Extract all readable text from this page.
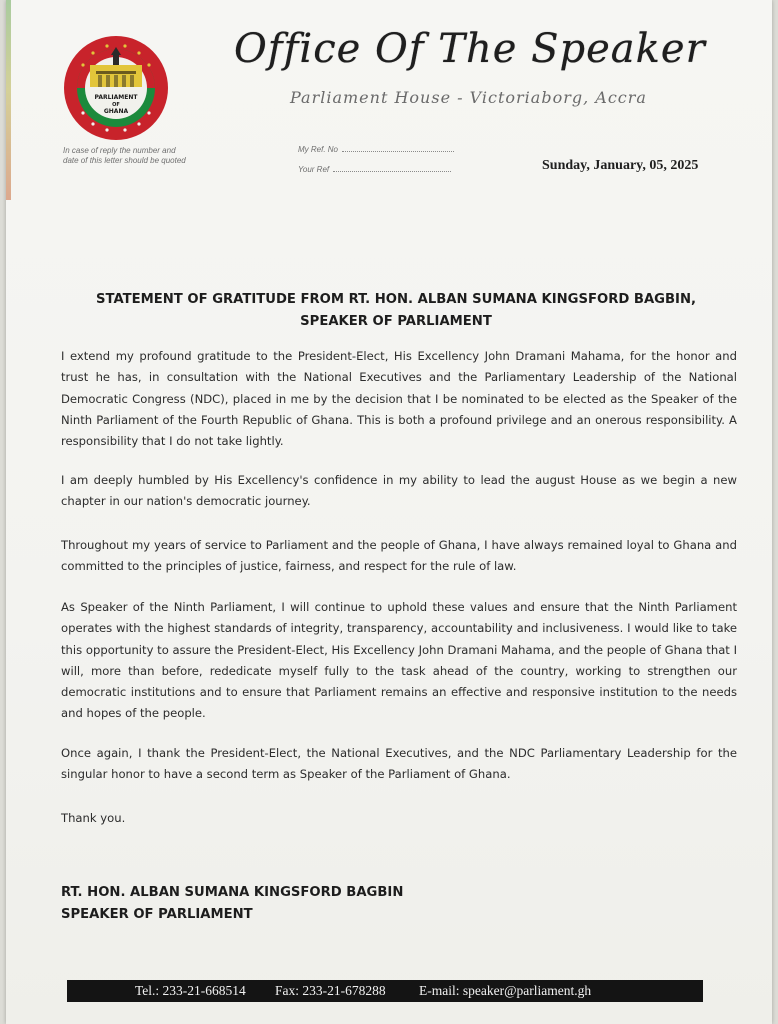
PARLIAMENT
OF
GHANA
Office Of The Speaker
Parliament House - Victoriaborg, Accra
In case of reply the number and date of this letter should be quoted
My Ref. No
Your Ref	Sunday, January, 05, 2025
STATEMENT OF GRATITUDE FROM RT. HON. ALBAN SUMANA KINGSFORD BAGBIN,
SPEAKER OF PARLIAMENT

I extend my profound gratitude to the President-Elect, His Excellency John Dramani Mahama, for the honor and trust he has, in consultation with the National Executives and the Parliamentary Leadership of the National Democratic Congress (NDC), placed in me by the decision that I be nominated to be elected as the Speaker of the Ninth Parliament of the Fourth Republic of Ghana. This is both a profound privilege and an onerous responsibility. A responsibility that I do not take lightly.

I am deeply humbled by His Excellency's confidence in my ability to lead the august House as we begin a new chapter in our nation's democratic journey.

Throughout my years of service to Parliament and the people of Ghana, I have always remained loyal to Ghana and committed to the principles of justice, fairness, and respect for the rule of law.

As Speaker of the Ninth Parliament, I will continue to uphold these values and ensure that the Ninth Parliament operates with the highest standards of integrity, transparency, accountability and inclusiveness. I would like to take this opportunity to assure the President-Elect, His Excellency John Dramani Mahama, and the people of Ghana that I will, more than before, rededicate myself fully to the task ahead of the country, working to strengthen our democratic institutions and to ensure that Parliament remains an effective and responsive institution to the needs and hopes of the people.

Once again, I thank the President-Elect, the National Executives, and the NDC Parliamentary Leadership for the singular honor to have a second term as Speaker of the Parliament of Ghana.

Thank you.

RT. HON. ALBAN SUMANA KINGSFORD BAGBIN
SPEAKER OF PARLIAMENT
Tel.: 233-21-668514 Fax: 233-21-678288 E-mail: speaker@parliament.gh
